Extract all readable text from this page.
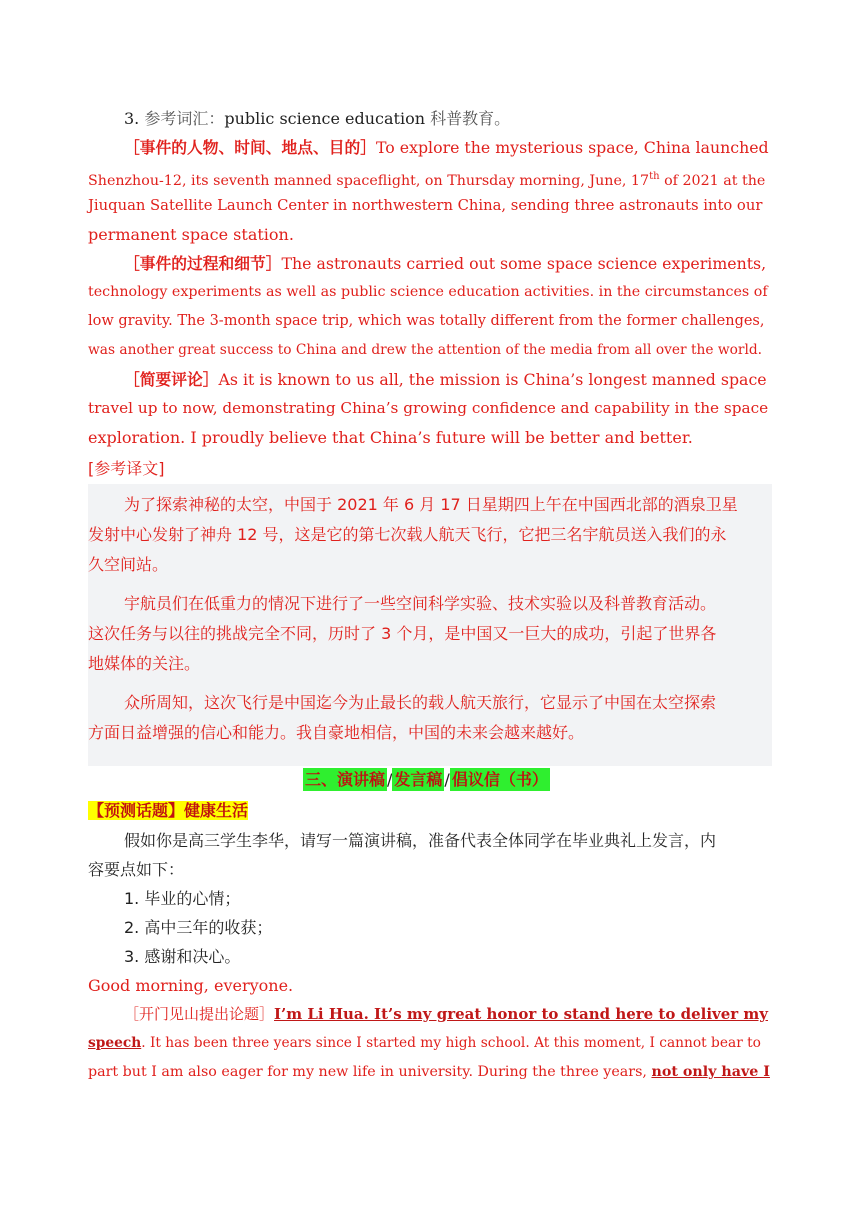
3. 参考词汇：public science education 科普教育。
［事件的人物、时间、地点、目的］To explore the mysterious space, China launched
Shenzhou-12, its seventh manned spaceflight, on Thursday morning, June, 17th of 2021 at the
Jiuquan Satellite Launch Center in northwestern China, sending three astronauts into our
permanent space station.
［事件的过程和细节］The astronauts carried out some space science experiments,
technology experiments as well as public science education activities. in the circumstances of
low gravity. The 3-month space trip, which was totally different from the former challenges,
was another great success to China and drew the attention of the media from all over the world.
［简要评论］As it is known to us all, the mission is China’s longest manned space
travel up to now, demonstrating China’s growing confidence and capability in the space
exploration. I proudly believe that China’s future will be better and better.
[参考译文]
为了探索神秘的太空，中国于 2021 年 6 月 17 日星期四上午在中国西北部的酒泉卫星
发射中心发射了神舟 12 号，这是它的第七次载人航天飞行，它把三名宇航员送入我们的永
久空间站。
宇航员们在低重力的情况下进行了一些空间科学实验、技术实验以及科普教育活动。
这次任务与以往的挑战完全不同，历时了 3 个月，是中国又一巨大的成功，引起了世界各
地媒体的关注。
众所周知，这次飞行是中国迄今为止最长的载人航天旅行，它显示了中国在太空探索
方面日益增强的信心和能力。我自豪地相信，中国的未来会越来越好。
三、演讲稿 / 发言稿 / 倡议信（书）
【预测话题】健康生活
假如你是高三学生李华，请写一篇演讲稿，准备代表全体同学在毕业典礼上发言，内
容要点如下：
1. 毕业的心情；
2. 高中三年的收获；
3. 感谢和决心。
Good morning, everyone.
［开门见山提出论题］I’m Li Hua. It’s my great honor to stand here to deliver my
speech. It has been three years since I started my high school. At this moment, I cannot bear to
part but I am also eager for my new life in university. During the three years, not only have I
